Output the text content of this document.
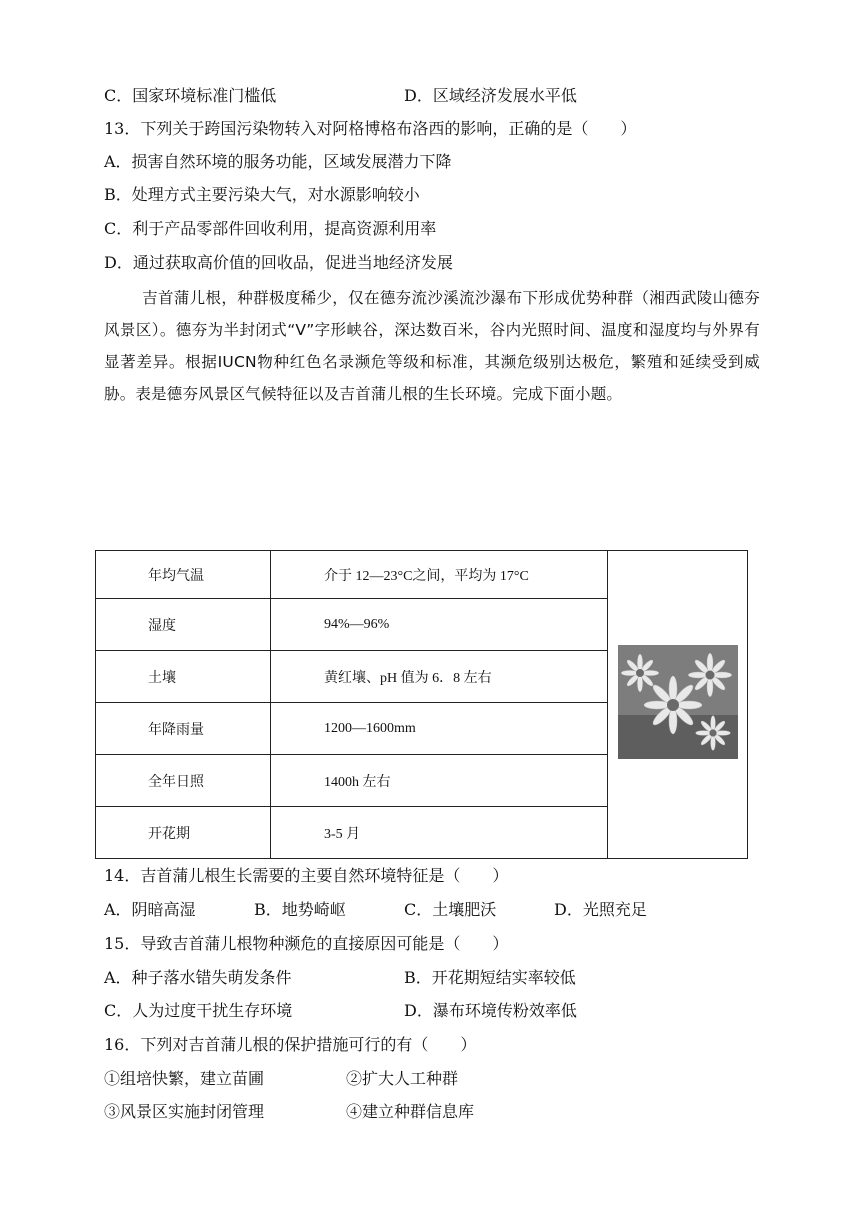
C．国家环境标准门槛低	D．区域经济发展水平低
13．下列关于跨国污染物转入对阿格博格布洛西的影响，正确的是（　　）
A．损害自然环境的服务功能，区域发展潜力下降
B．处理方式主要污染大气，对水源影响较小
C．利于产品零部件回收利用，提高资源利用率
D．通过获取高价值的回收品，促进当地经济发展
吉首蒲儿根，种群极度稀少，仅在德夯流沙溪流沙瀑布下形成优势种群（湘西武陵山德夯风景区）。德夯为半封闭式“V”字形峡谷，深达数百米，谷内光照时间、温度和湿度均与外界有显著差异。根据IUCN物种红色名录濒危等级和标准，其濒危级别达极危，繁殖和延续受到威胁。表是德夯风景区气候特征以及吉首蒲儿根的生长环境。完成下面小题。
年均气温	介于 12—23°C之间，平均为 17°C	
湿度	94%—96%	
土壤	黄红壤、pH 值为 6．8 左右	
年降雨量	1200—1600mm	
全年日照	1400h 左右	
开花期	3-5 月	
14．吉首蒲儿根生长需要的主要自然环境特征是（　　）
A．阴暗高湿	B．地势崎岖	C．土壤肥沃	D．光照充足
15．导致吉首蒲儿根物种濒危的直接原因可能是（　　）
A．种子落水错失萌发条件	B．开花期短结实率较低
C．人为过度干扰生存环境	D．瀑布环境传粉效率低
16．下列对吉首蒲儿根的保护措施可行的有（　　）
①组培快繁，建立苗圃	②扩大人工种群
③风景区实施封闭管理	④建立种群信息库
